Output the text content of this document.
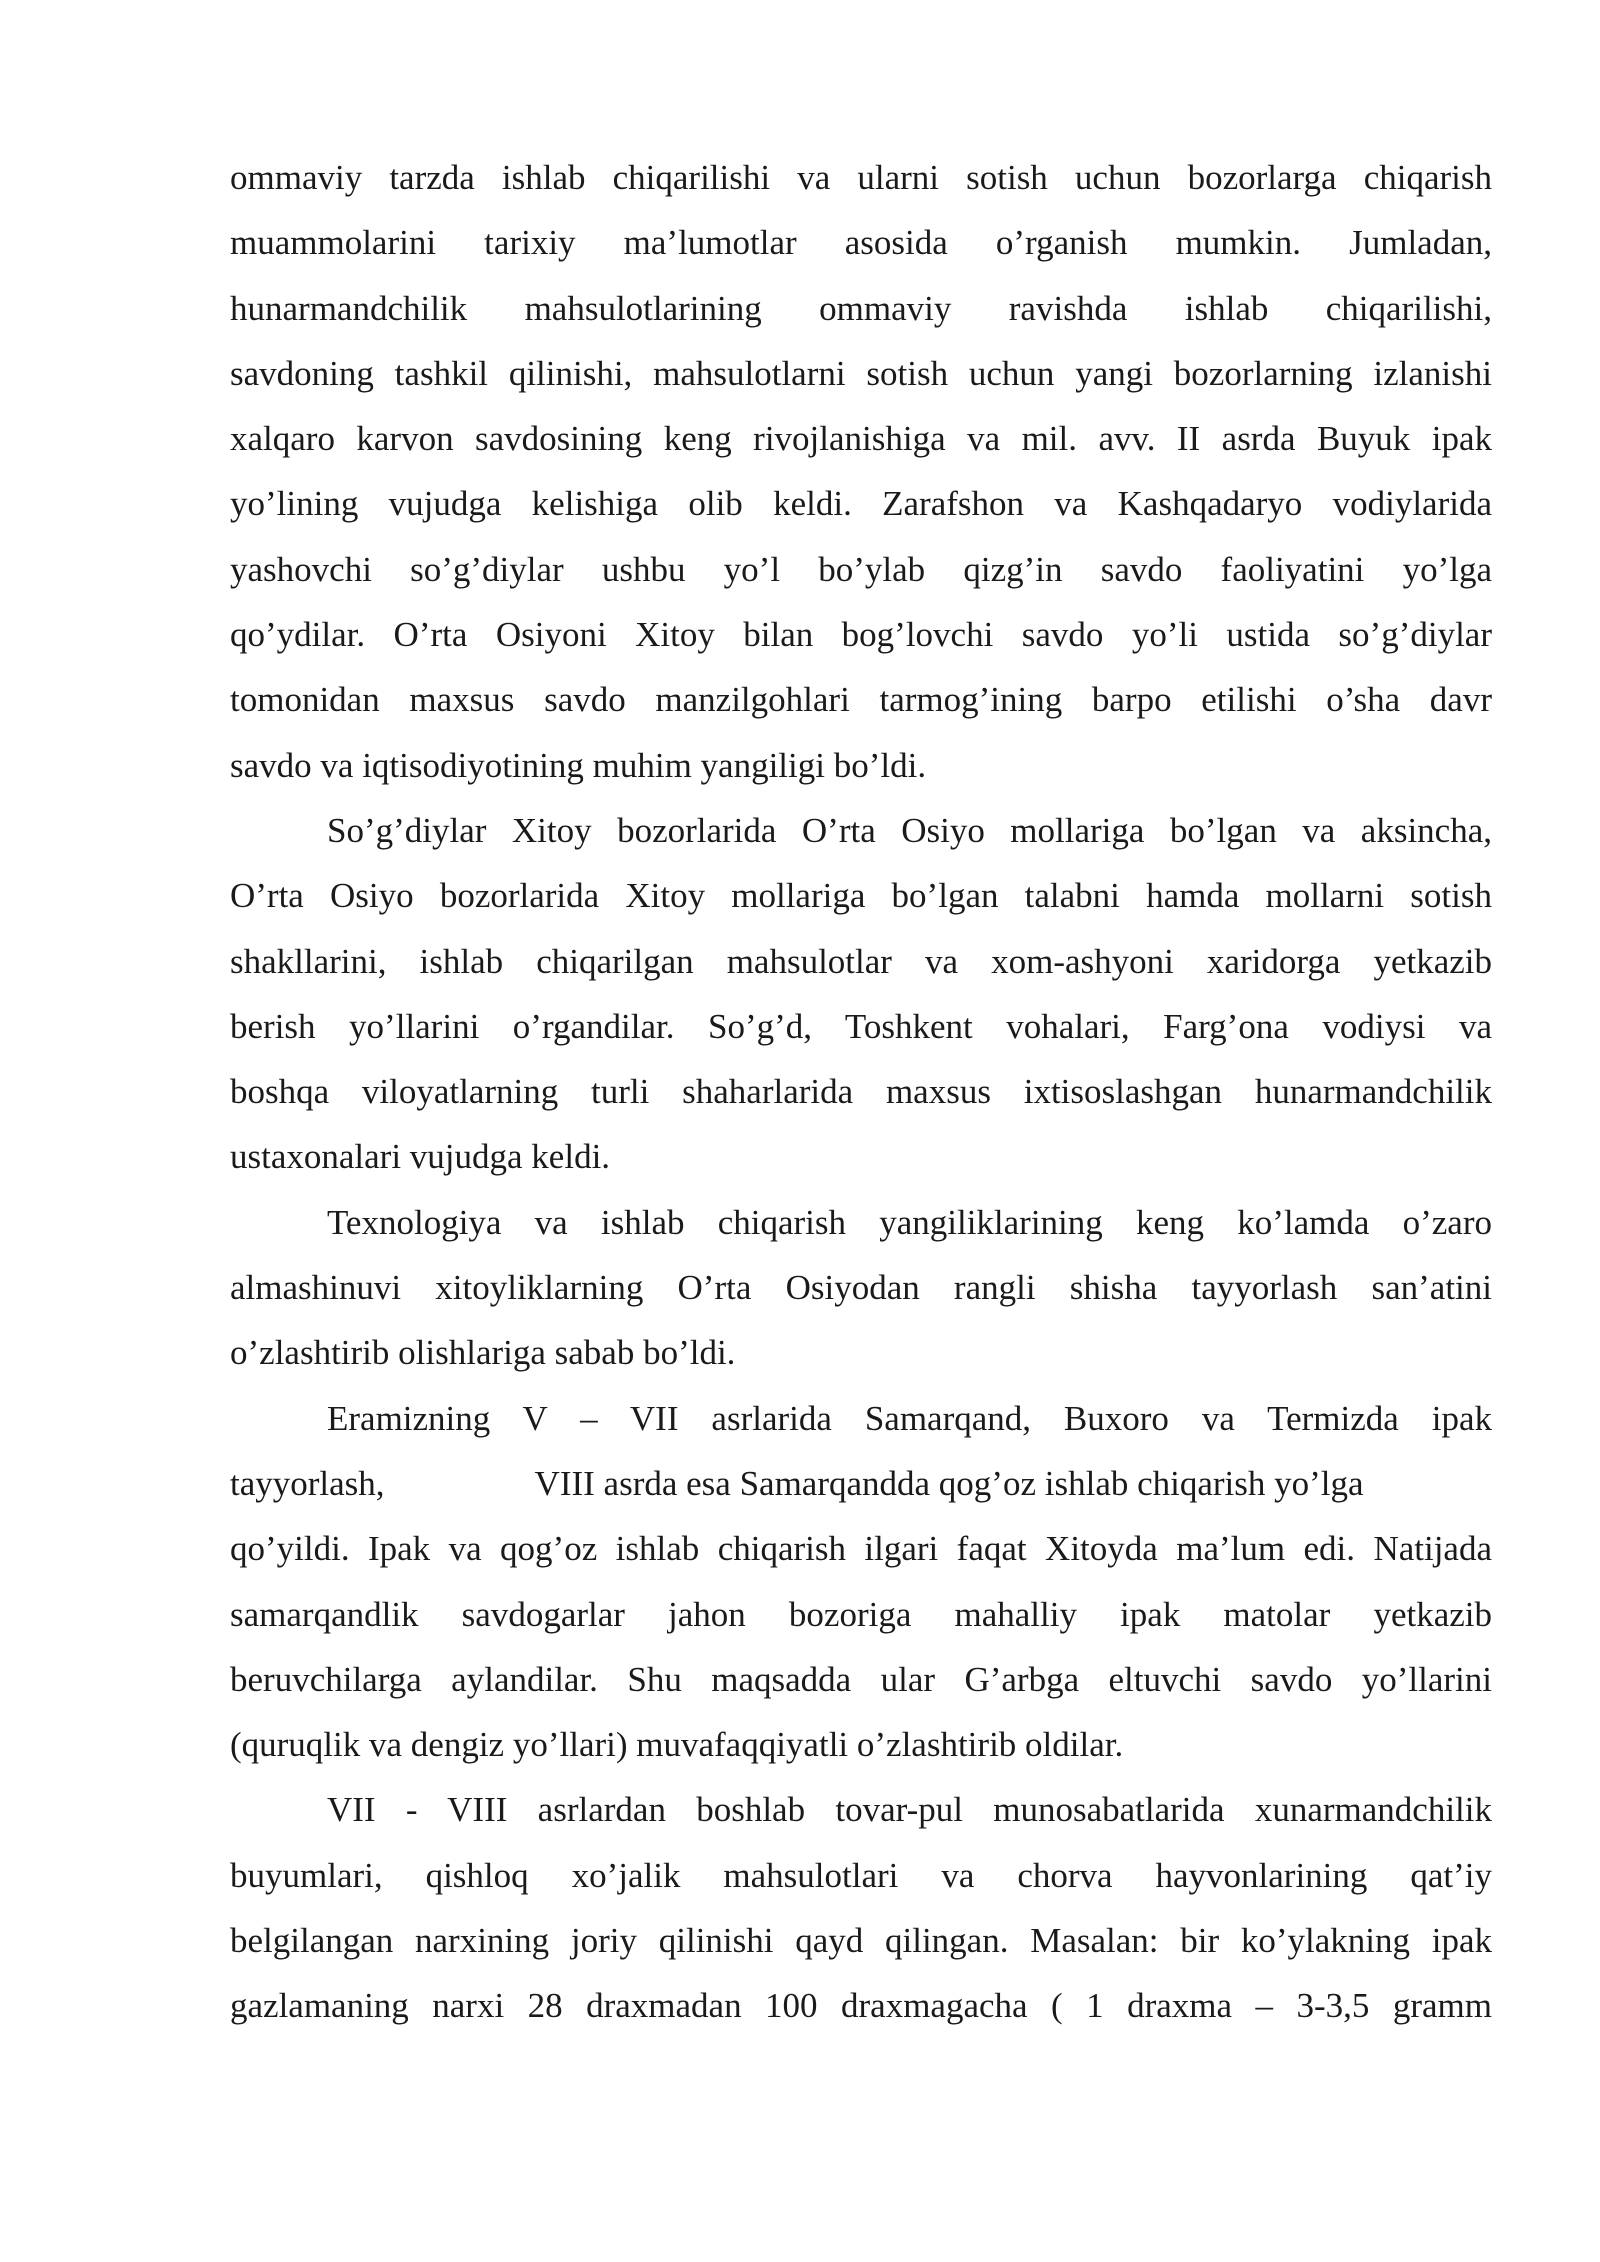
ommaviy tarzda ishlab chiqarilishi va ularni sotish uchun bozorlarga chiqarish
muammolarini tarixiy ma’lumotlar asosida o’rganish mumkin. Jumladan,
hunarmandchilik mahsulotlarining ommaviy ravishda ishlab chiqarilishi,
savdoning tashkil qilinishi, mahsulotlarni sotish uchun yangi bozorlarning izlanishi
xalqaro karvon savdosining keng rivojlanishiga va mil. avv. II asrda Buyuk ipak
yo’lining vujudga kelishiga olib keldi. Zarafshon va Kashqadaryo vodiylarida
yashovchi so’g’diylar ushbu yo’l bo’ylab qizg’in savdo faoliyatini yo’lga
qo’ydilar. O’rta Osiyoni Xitoy bilan bog’lovchi savdo yo’li ustida so’g’diylar
tomonidan maxsus savdo manzilgohlari tarmog’ining barpo etilishi o’sha davr
savdo va iqtisodiyotining muhim yangiligi bo’ldi.
So’g’diylar Xitoy bozorlarida O’rta Osiyo mollariga bo’lgan va aksincha,
O’rta Osiyo bozorlarida Xitoy mollariga bo’lgan talabni hamda mollarni sotish
shakllarini, ishlab chiqarilgan mahsulotlar va xom-ashyoni xaridorga yetkazib
berish yo’llarini o’rgandilar. So’g’d, Toshkent vohalari, Farg’ona vodiysi va
boshqa viloyatlarning turli shaharlarida maxsus ixtisoslashgan hunarmandchilik
ustaxonalari vujudga keldi.
Texnologiya va ishlab chiqarish yangiliklarining keng ko’lamda o’zaro
almashinuvi xitoyliklarning O’rta Osiyodan rangli shisha tayyorlash san’atini
o’zlashtirib olishlariga sabab bo’ldi.
Eramizning V – VII asrlarida Samarqand, Buxoro va Termizda ipak
tayyorlash,	VIII asrda esa Samarqandda qog’oz ishlab chiqarish yo’lga
qo’yildi. Ipak va qog’oz ishlab chiqarish ilgari faqat Xitoyda ma’lum edi. Natijada
samarqandlik savdogarlar jahon bozoriga mahalliy ipak matolar yetkazib
beruvchilarga aylandilar. Shu maqsadda ular G’arbga eltuvchi savdo yo’llarini
(quruqlik va dengiz yo’llari) muvafaqqiyatli o’zlashtirib oldilar.
VII - VIII asrlardan boshlab tovar-pul munosabatlarida xunarmandchilik
buyumlari, qishloq xo’jalik mahsulotlari va chorva hayvonlarining qat’iy
belgilangan narxining joriy qilinishi qayd qilingan. Masalan: bir ko’ylakning ipak
gazlamaning narxi 28 draxmadan 100 draxmagacha ( 1 draxma – 3-3,5 gramm
